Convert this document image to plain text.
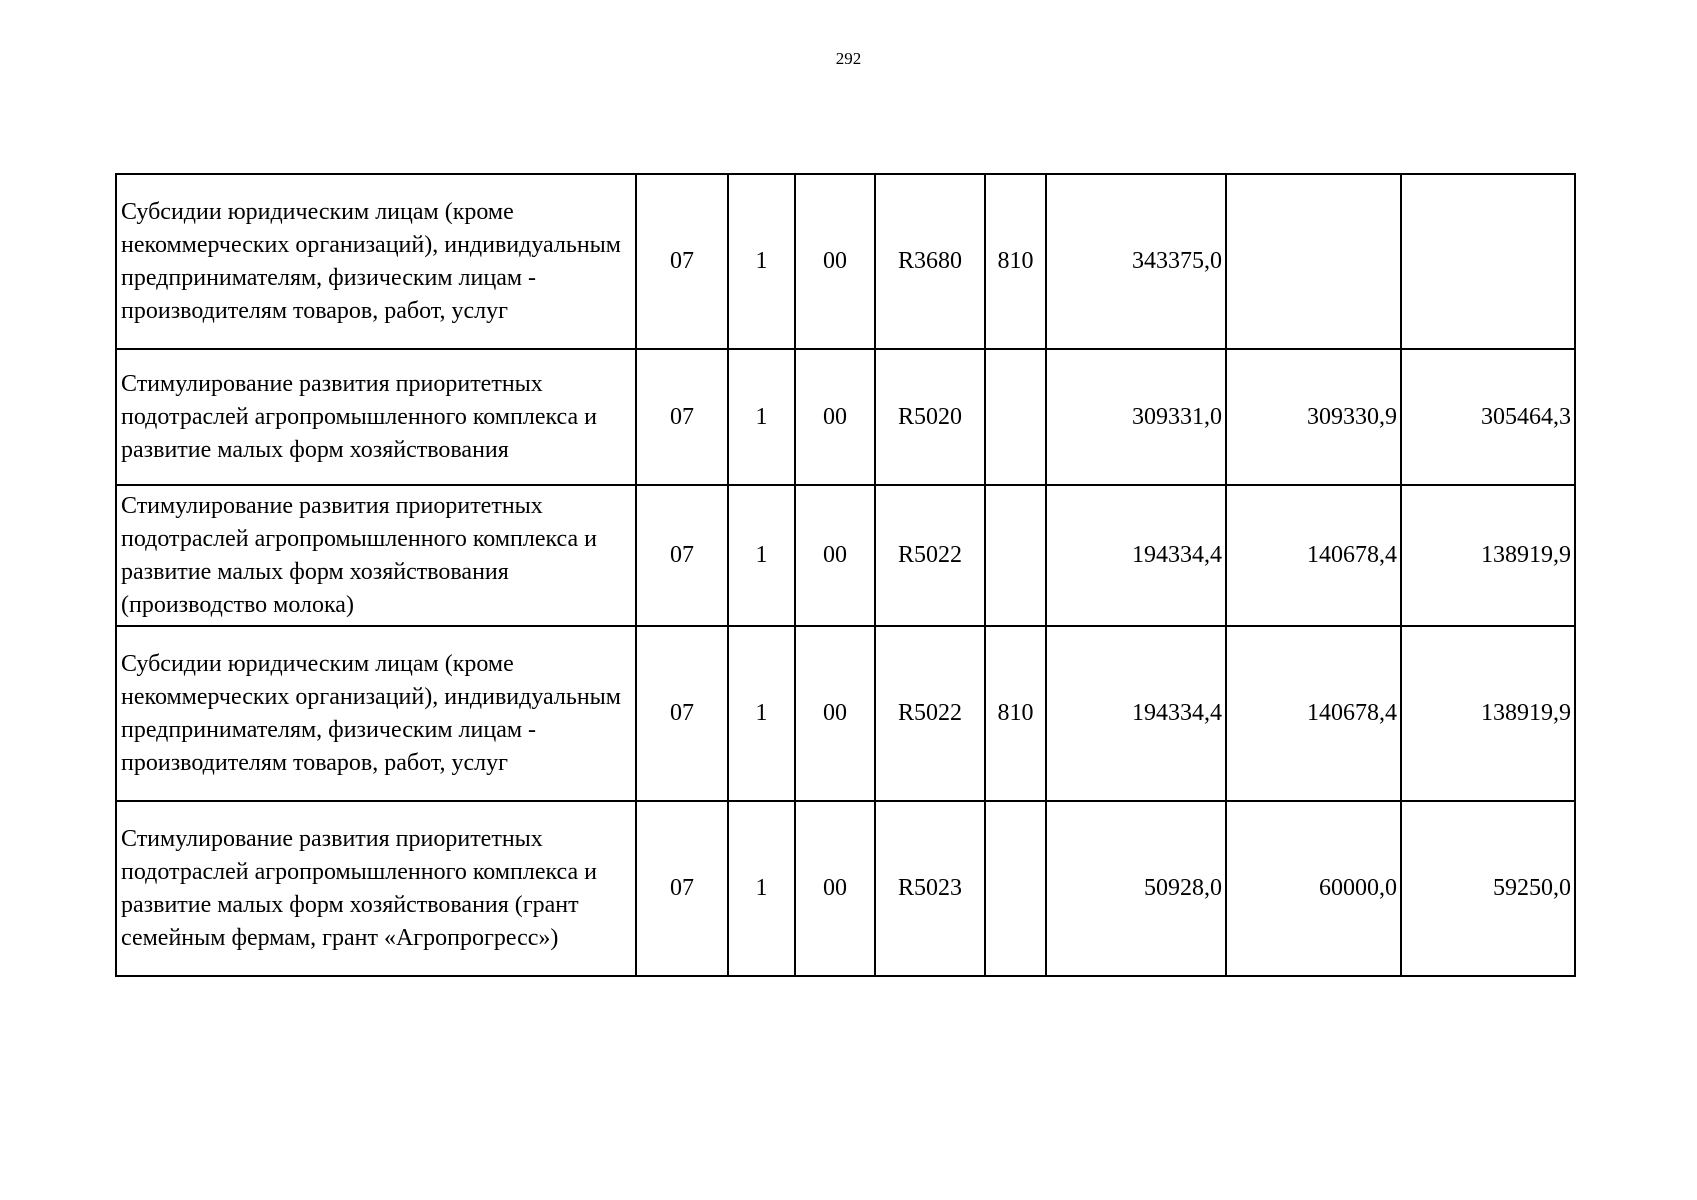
292
Субсидии юридическим лицам (кроме некоммерческих организаций), индивидуальным предпринимателям, физическим лицам - производителям товаров, работ, услуг	07	1	00	R3680	810	343375,0		
Стимулирование развития приоритетных подотраслей агропромышленного комплекса и развитие малых форм хозяйствования	07	1	00	R5020		309331,0	309330,9	305464,3
Стимулирование развития приоритетных подотраслей агропромышленного комплекса и развитие малых форм хозяйствования (производство молока)	07	1	00	R5022		194334,4	140678,4	138919,9
Субсидии юридическим лицам (кроме некоммерческих организаций), индивидуальным предпринимателям, физическим лицам - производителям товаров, работ, услуг	07	1	00	R5022	810	194334,4	140678,4	138919,9
Стимулирование развития приоритетных подотраслей агропромышленного комплекса и развитие малых форм хозяйствования (грант семейным фермам, грант «Агропрогресс»)	07	1	00	R5023		50928,0	60000,0	59250,0
